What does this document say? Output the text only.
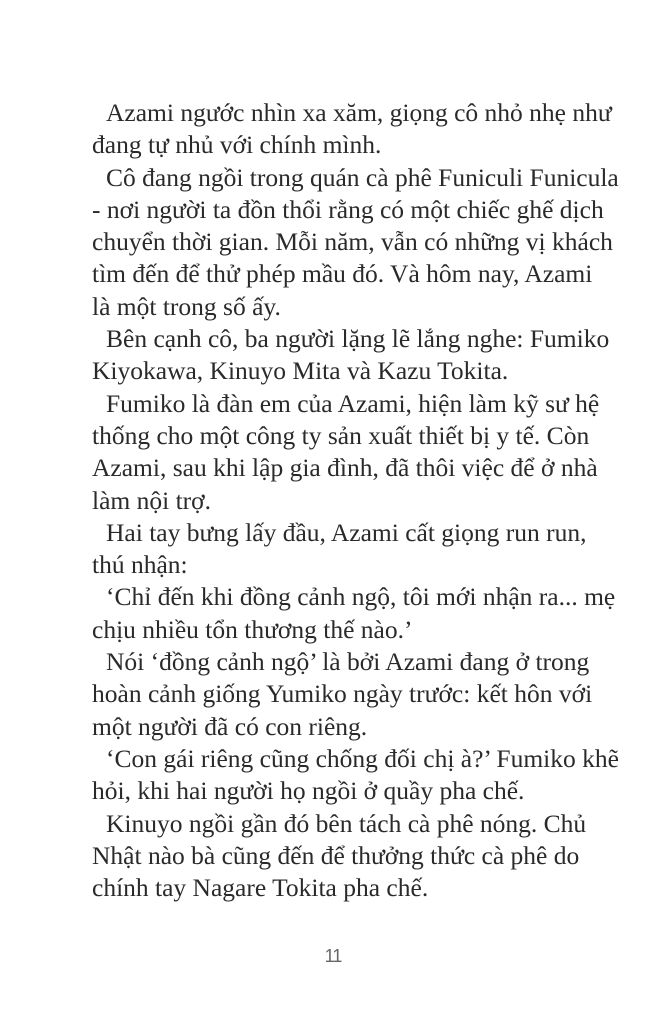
Azami ngước nhìn xa xăm, giọng cô nhỏ nhẹ như
đang tự nhủ với chính mình.

Cô đang ngồi trong quán cà phê Funiculi Funicula
- nơi người ta đồn thổi rằng có một chiếc ghế dịch
chuyển thời gian. Mỗi năm, vẫn có những vị khách
tìm đến để thử phép mầu đó. Và hôm nay, Azami
là một trong số ấy.

Bên cạnh cô, ba người lặng lẽ lắng nghe: Fumiko
Kiyokawa, Kinuyo Mita và Kazu Tokita.

Fumiko là đàn em của Azami, hiện làm kỹ sư hệ
thống cho một công ty sản xuất thiết bị y tế. Còn
Azami, sau khi lập gia đình, đã thôi việc để ở nhà
làm nội trợ.

Hai tay bưng lấy đầu, Azami cất giọng run run,
thú nhận:

‘Chỉ đến khi đồng cảnh ngộ, tôi mới nhận ra... mẹ
chịu nhiều tổn thương thế nào.’

Nói ‘đồng cảnh ngộ’ là bởi Azami đang ở trong
hoàn cảnh giống Yumiko ngày trước: kết hôn với
một người đã có con riêng.

‘Con gái riêng cũng chống đối chị à?’ Fumiko khẽ
hỏi, khi hai người họ ngồi ở quầy pha chế.

Kinuyo ngồi gần đó bên tách cà phê nóng. Chủ
Nhật nào bà cũng đến để thưởng thức cà phê do
chính tay Nagare Tokita pha chế.

11
